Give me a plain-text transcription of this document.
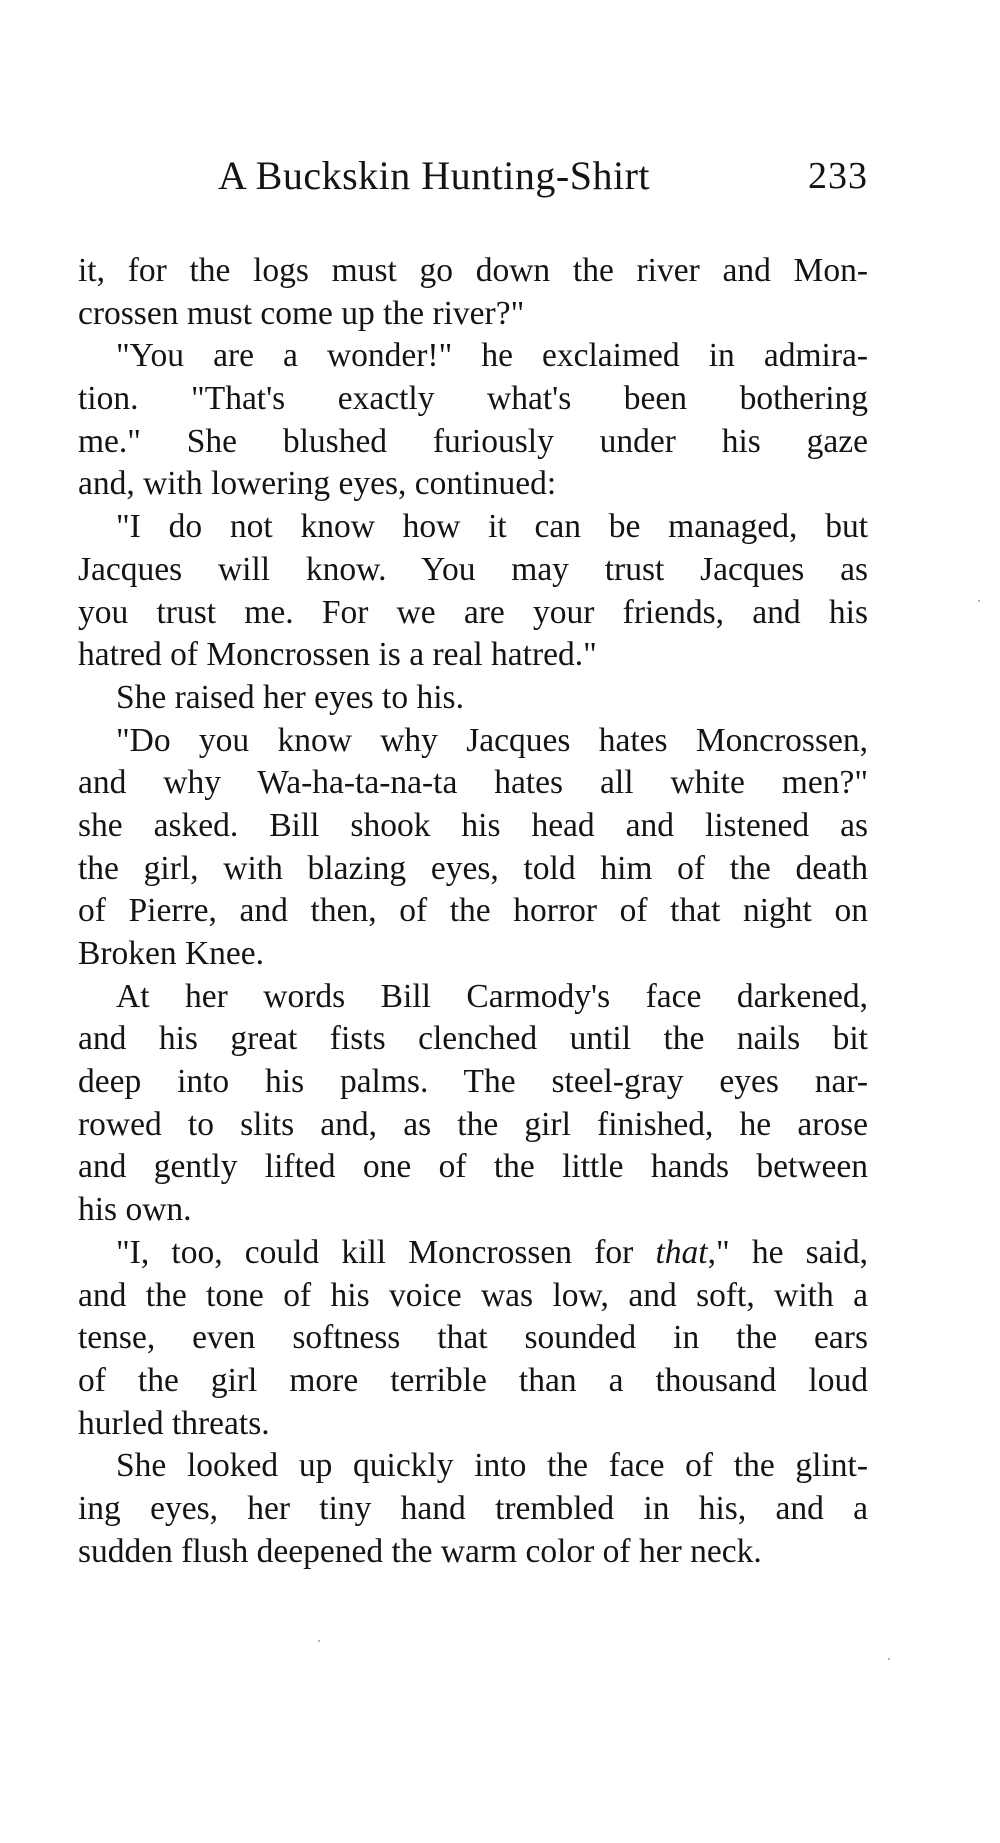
A Buckskin Hunting-Shirt	233
it, for the logs must go down the river and Mon-
crossen must come up the river?"
"You are a wonder!" he exclaimed in admira-
tion. "That's exactly what's been bothering
me." She blushed furiously under his gaze
and, with lowering eyes, continued:
"I do not know how it can be managed, but
Jacques will know. You may trust Jacques as
you trust me. For we are your friends, and his
hatred of Moncrossen is a real hatred."
She raised her eyes to his.
"Do you know why Jacques hates Moncrossen,
and why Wa-ha-ta-na-ta hates all white men?"
she asked. Bill shook his head and listened as
the girl, with blazing eyes, told him of the death
of Pierre, and then, of the horror of that night on
Broken Knee.
At her words Bill Carmody's face darkened,
and his great fists clenched until the nails bit
deep into his palms. The steel-gray eyes nar-
rowed to slits and, as the girl finished, he arose
and gently lifted one of the little hands between
his own.
"I, too, could kill Moncrossen for that," he said,
and the tone of his voice was low, and soft, with a
tense, even softness that sounded in the ears
of the girl more terrible than a thousand loud
hurled threats.
She looked up quickly into the face of the glint-
ing eyes, her tiny hand trembled in his, and a
sudden flush deepened the warm color of her neck.
